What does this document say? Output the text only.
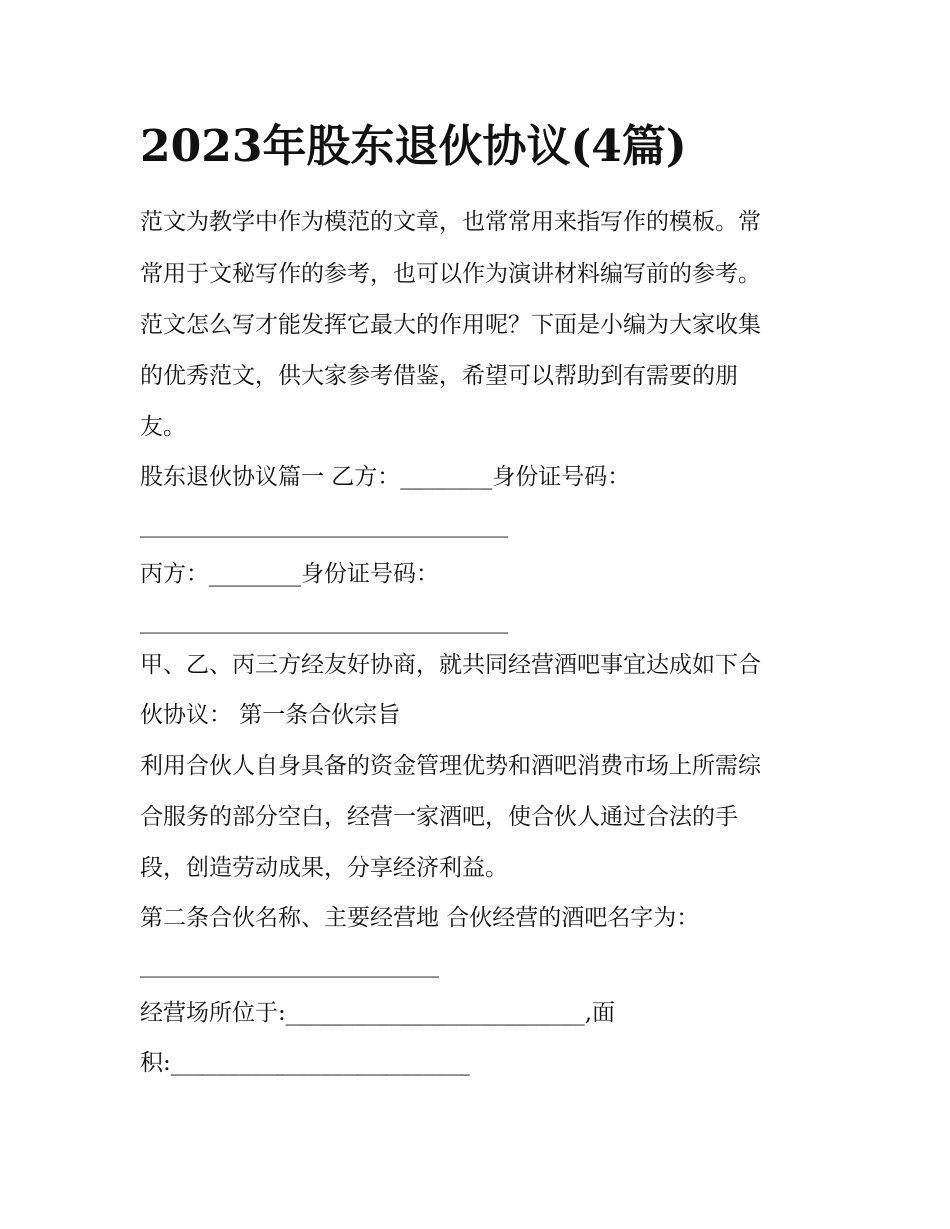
2023年股东退伙协议(4篇)

范文为教学中作为模范的文章，也常常用来指写作的模板。常

常用于文秘写作的参考，也可以作为演讲材料编写前的参考。

范文怎么写才能发挥它最大的作用呢？下面是小编为大家收集

的优秀范文，供大家参考借鉴，希望可以帮助到有需要的朋

友。

股东退伙协议篇一 乙方：________身份证号码：

________________________________

丙方：________身份证号码：

________________________________

甲、乙、丙三方经友好协商，就共同经营酒吧事宜达成如下合

伙协议： 第一条合伙宗旨

利用合伙人自身具备的资金管理优势和酒吧消费市场上所需综

合服务的部分空白，经营一家酒吧，使合伙人通过合法的手

段，创造劳动成果，分享经济利益。

第二条合伙名称、主要经营地 合伙经营的酒吧名字为：

__________________________

经营场所位于:__________________________,面

积:__________________________
